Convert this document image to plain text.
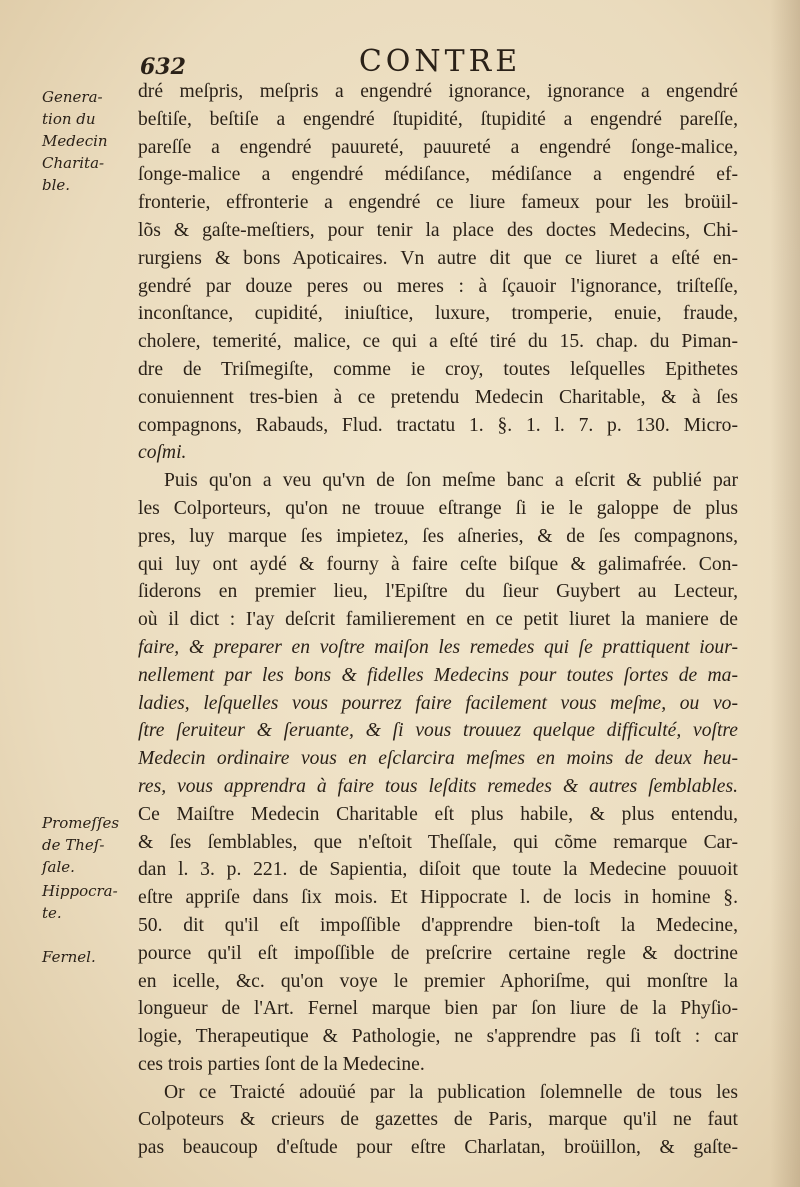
632	CONTRE
Genera-
tion du
Medecin
Charita-
ble.
Promeſſes
de Theſ-
ſale.
Hippocra-
te.
Fernel.
dré meſpris, meſpris a engendré ignorance, ignorance a engendré
beſtiſe, beſtiſe a engendré ſtupidité, ſtupidité a engendré pareſſe,
pareſſe a engendré pauureté, pauureté a engendré ſonge-malice,
ſonge-malice a engendré médiſance, médiſance a engendré ef-
fronterie, effronterie a engendré ce liure fameux pour les broüil-
lõs & gaſte-meſtiers, pour tenir la place des doctes Medecins, Chi-
rurgiens & bons Apoticaires. Vn autre dit que ce liuret a eſté en-
gendré par douze peres ou meres : à ſçauoir l'ignorance, triſteſſe,
inconſtance, cupidité, iniuſtice, luxure, tromperie, enuie, fraude,
cholere, temerité, malice, ce qui a eſté tiré du 15. chap. du Piman-
dre de Triſmegiſte, comme ie croy, toutes leſquelles Epithetes
conuiennent tres-bien à ce pretendu Medecin Charitable, & à ſes
compagnons, Rabauds, Flud. tractatu 1. §. 1. l. 7. p. 130. Micro-
coſmi.
Puis qu'on a veu qu'vn de ſon meſme banc a eſcrit & publié par
les Colporteurs, qu'on ne trouue eſtrange ſi ie le galoppe de plus
pres, luy marque ſes impietez, ſes aſneries, & de ſes compagnons,
qui luy ont aydé & fourny à faire ceſte biſque & galimafrée. Con-
ſiderons en premier lieu, l'Epiſtre du ſieur Guybert au Lecteur,
où il dict : I'ay deſcrit familierement en ce petit liuret la maniere de
faire, & preparer en voſtre maiſon les remedes qui ſe prattiquent iour-
nellement par les bons & fidelles Medecins pour toutes ſortes de ma-
ladies, leſquelles vous pourrez faire facilement vous meſme, ou vo-
ſtre ſeruiteur & ſeruante, & ſi vous trouuez quelque difficulté, voſtre
Medecin ordinaire vous en eſclarcira meſmes en moins de deux heu-
res, vous apprendra à faire tous leſdits remedes & autres ſemblables.
Ce Maiſtre Medecin Charitable eſt plus habile, & plus entendu,
& ſes ſemblables, que n'eſtoit Theſſale, qui cõme remarque Car-
dan l. 3. p. 221. de Sapientia, diſoit que toute la Medecine pouuoit
eſtre appriſe dans ſix mois. Et Hippocrate l. de locis in homine §.
50. dit qu'il eſt impoſſible d'apprendre bien-toſt la Medecine,
pource qu'il eſt impoſſible de preſcrire certaine regle & doctrine
en icelle, &c. qu'on voye le premier Aphoriſme, qui monſtre la
longueur de l'Art. Fernel marque bien par ſon liure de la Phyſio-
logie, Therapeutique & Pathologie, ne s'apprendre pas ſi toſt : car
ces trois parties ſont de la Medecine.
Or ce Traicté adouüé par la publication ſolemnelle de tous les
Colpoteurs & crieurs de gazettes de Paris, marque qu'il ne faut
pas beaucoup d'eſtude pour eſtre Charlatan, broüillon, & gaſte-
